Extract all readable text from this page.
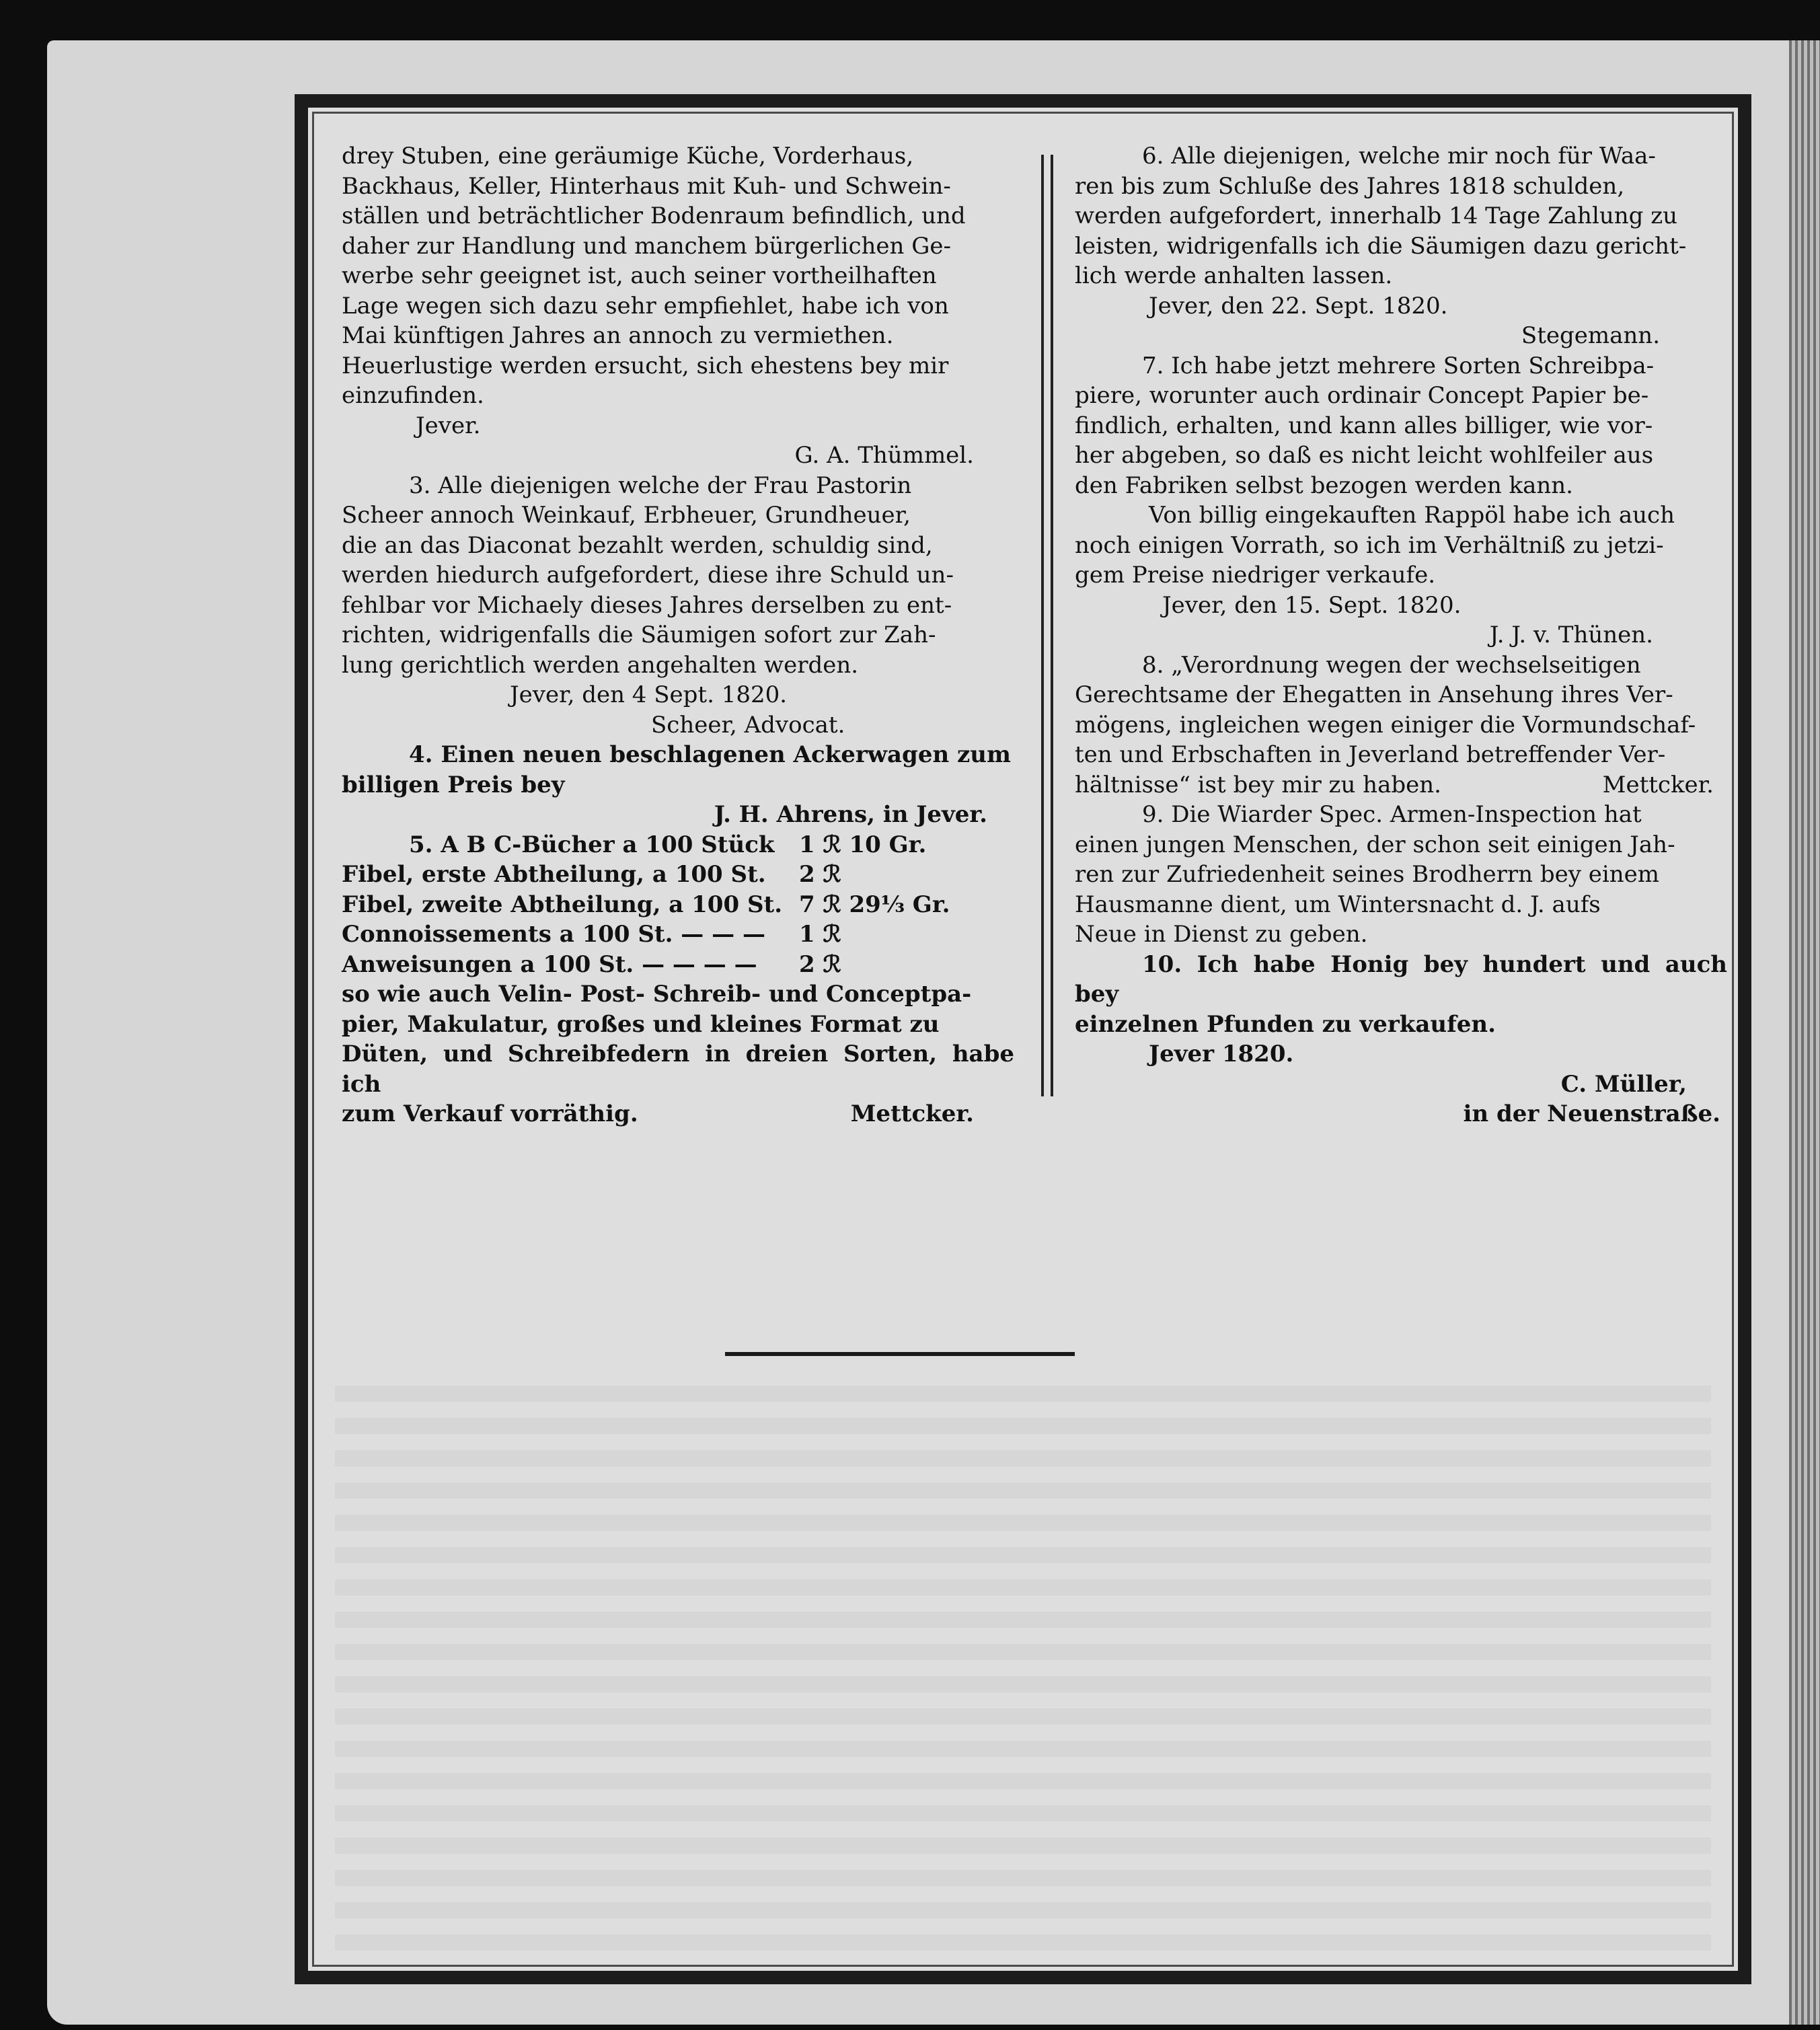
drey Stuben, eine geräumige Küche, Vorderhaus,

Backhaus, Keller, Hinterhaus mit Kuh- und Schwein-

ställen und beträchtlicher Bodenraum befindlich, und

daher zur Handlung und manchem bürgerlichen Ge-

werbe sehr geeignet ist, auch seiner vortheilhaften

Lage wegen sich dazu sehr empfiehlet, habe ich von

Mai künftigen Jahres an annoch zu vermiethen.

Heuerlustige werden ersucht, sich ehestens bey mir

einzufinden.

Jever.

G. A. Thümmel.

3. Alle diejenigen welche der Frau Pastorin

Scheer annoch Weinkauf, Erbheuer, Grundheuer,

die an das Diaconat bezahlt werden, schuldig sind,

werden hiedurch aufgefordert, diese ihre Schuld un-

fehlbar vor Michaely dieses Jahres derselben zu ent-

richten, widrigenfalls die Säumigen sofort zur Zah-

lung gerichtlich werden angehalten werden.

Jever, den 4 Sept. 1820.

Scheer, Advocat.

4. Einen neuen beschlagenen Ackerwagen zum

billigen Preis bey

J. H. Ahrens, in Jever.

5. A B C-Bücher a 100 Stück	1 ℛ 10 Gr.
Fibel, erste Abtheilung, a 100 St.	2 ℛ
Fibel, zweite Abtheilung, a 100 St. 7 ℛ 29⅓ Gr.
Connoissements a 100 St. — — —	1 ℛ
Anweisungen a 100 St. — — — —	2 ℛ

so wie auch Velin- Post- Schreib- und Conceptpa-

pier, Makulatur, großes und kleines Format zu

Düten, und Schreibfedern in dreien Sorten, habe ich

zum Verkauf vorräthig.	Mettcker.

6. Alle diejenigen, welche mir noch für Waa-

ren bis zum Schluße des Jahres 1818 schulden,

werden aufgefordert, innerhalb 14 Tage Zahlung zu

leisten, widrigenfalls ich die Säumigen dazu gericht-

lich werde anhalten lassen.

Jever, den 22. Sept. 1820.

Stegemann.

7. Ich habe jetzt mehrere Sorten Schreibpa-

piere, worunter auch ordinair Concept Papier be-

findlich, erhalten, und kann alles billiger, wie vor-

her abgeben, so daß es nicht leicht wohlfeiler aus

den Fabriken selbst bezogen werden kann.

Von billig eingekauften Rappöl habe ich auch

noch einigen Vorrath, so ich im Verhältniß zu jetzi-

gem Preise niedriger verkaufe.

Jever, den 15. Sept. 1820.

J. J. v. Thünen.

8. „Verordnung wegen der wechselseitigen

Gerechtsame der Ehegatten in Ansehung ihres Ver-

mögens, ingleichen wegen einiger die Vormundschaf-

ten und Erbschaften in Jeverland betreffender Ver-

hältnisse“ ist bey mir zu haben.	Mettcker.

9. Die Wiarder Spec. Armen-Inspection hat

einen jungen Menschen, der schon seit einigen Jah-

ren zur Zufriedenheit seines Brodherrn bey einem

Hausmanne dient, um Wintersnacht d. J. aufs

Neue in Dienst zu geben.

10. Ich habe Honig bey hundert und auch bey

einzelnen Pfunden zu verkaufen.

Jever 1820.

C. Müller,

in der Neuenstraße.
